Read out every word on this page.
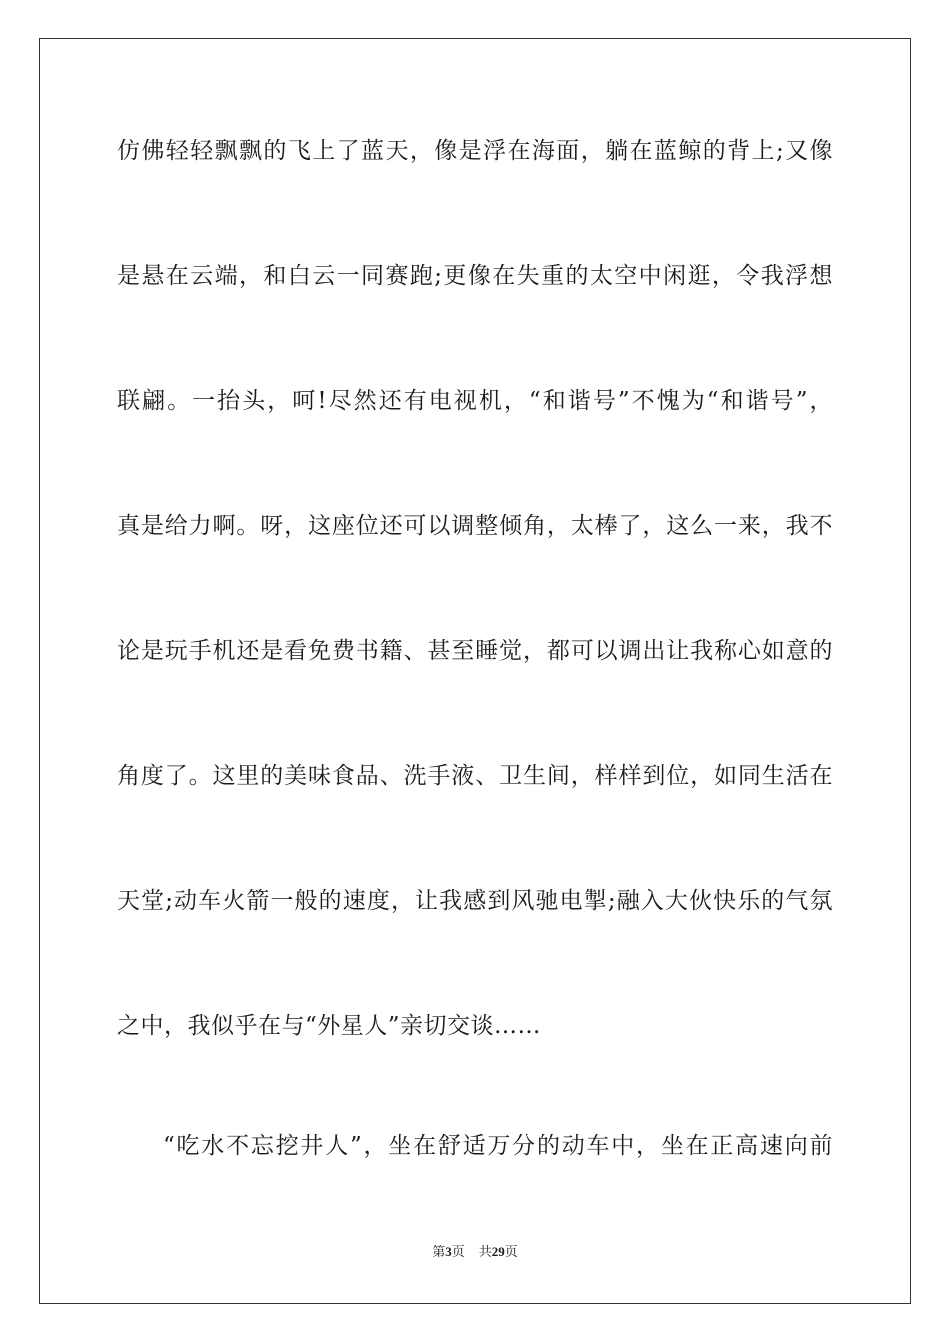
仿佛轻轻飘飘的飞上了蓝天，像是浮在海面，躺在蓝鲸的背上;又像
是悬在云端，和白云一同赛跑;更像在失重的太空中闲逛，令我浮想
联翩。一抬头，呵!尽然还有电视机，“和谐号”不愧为“和谐号”，
真是给力啊。呀，这座位还可以调整倾角，太棒了，这么一来，我不
论是玩手机还是看免费书籍、甚至睡觉，都可以调出让我称心如意的
角度了。这里的美味食品、洗手液、卫生间，样样到位，如同生活在
天堂;动车火箭一般的速度，让我感到风驰电掣;融入大伙快乐的气氛
之中，我似乎在与“外星人”亲切交谈……
“吃水不忘挖井人”，坐在舒适万分的动车中，坐在正高速向前
第3页 共29页
